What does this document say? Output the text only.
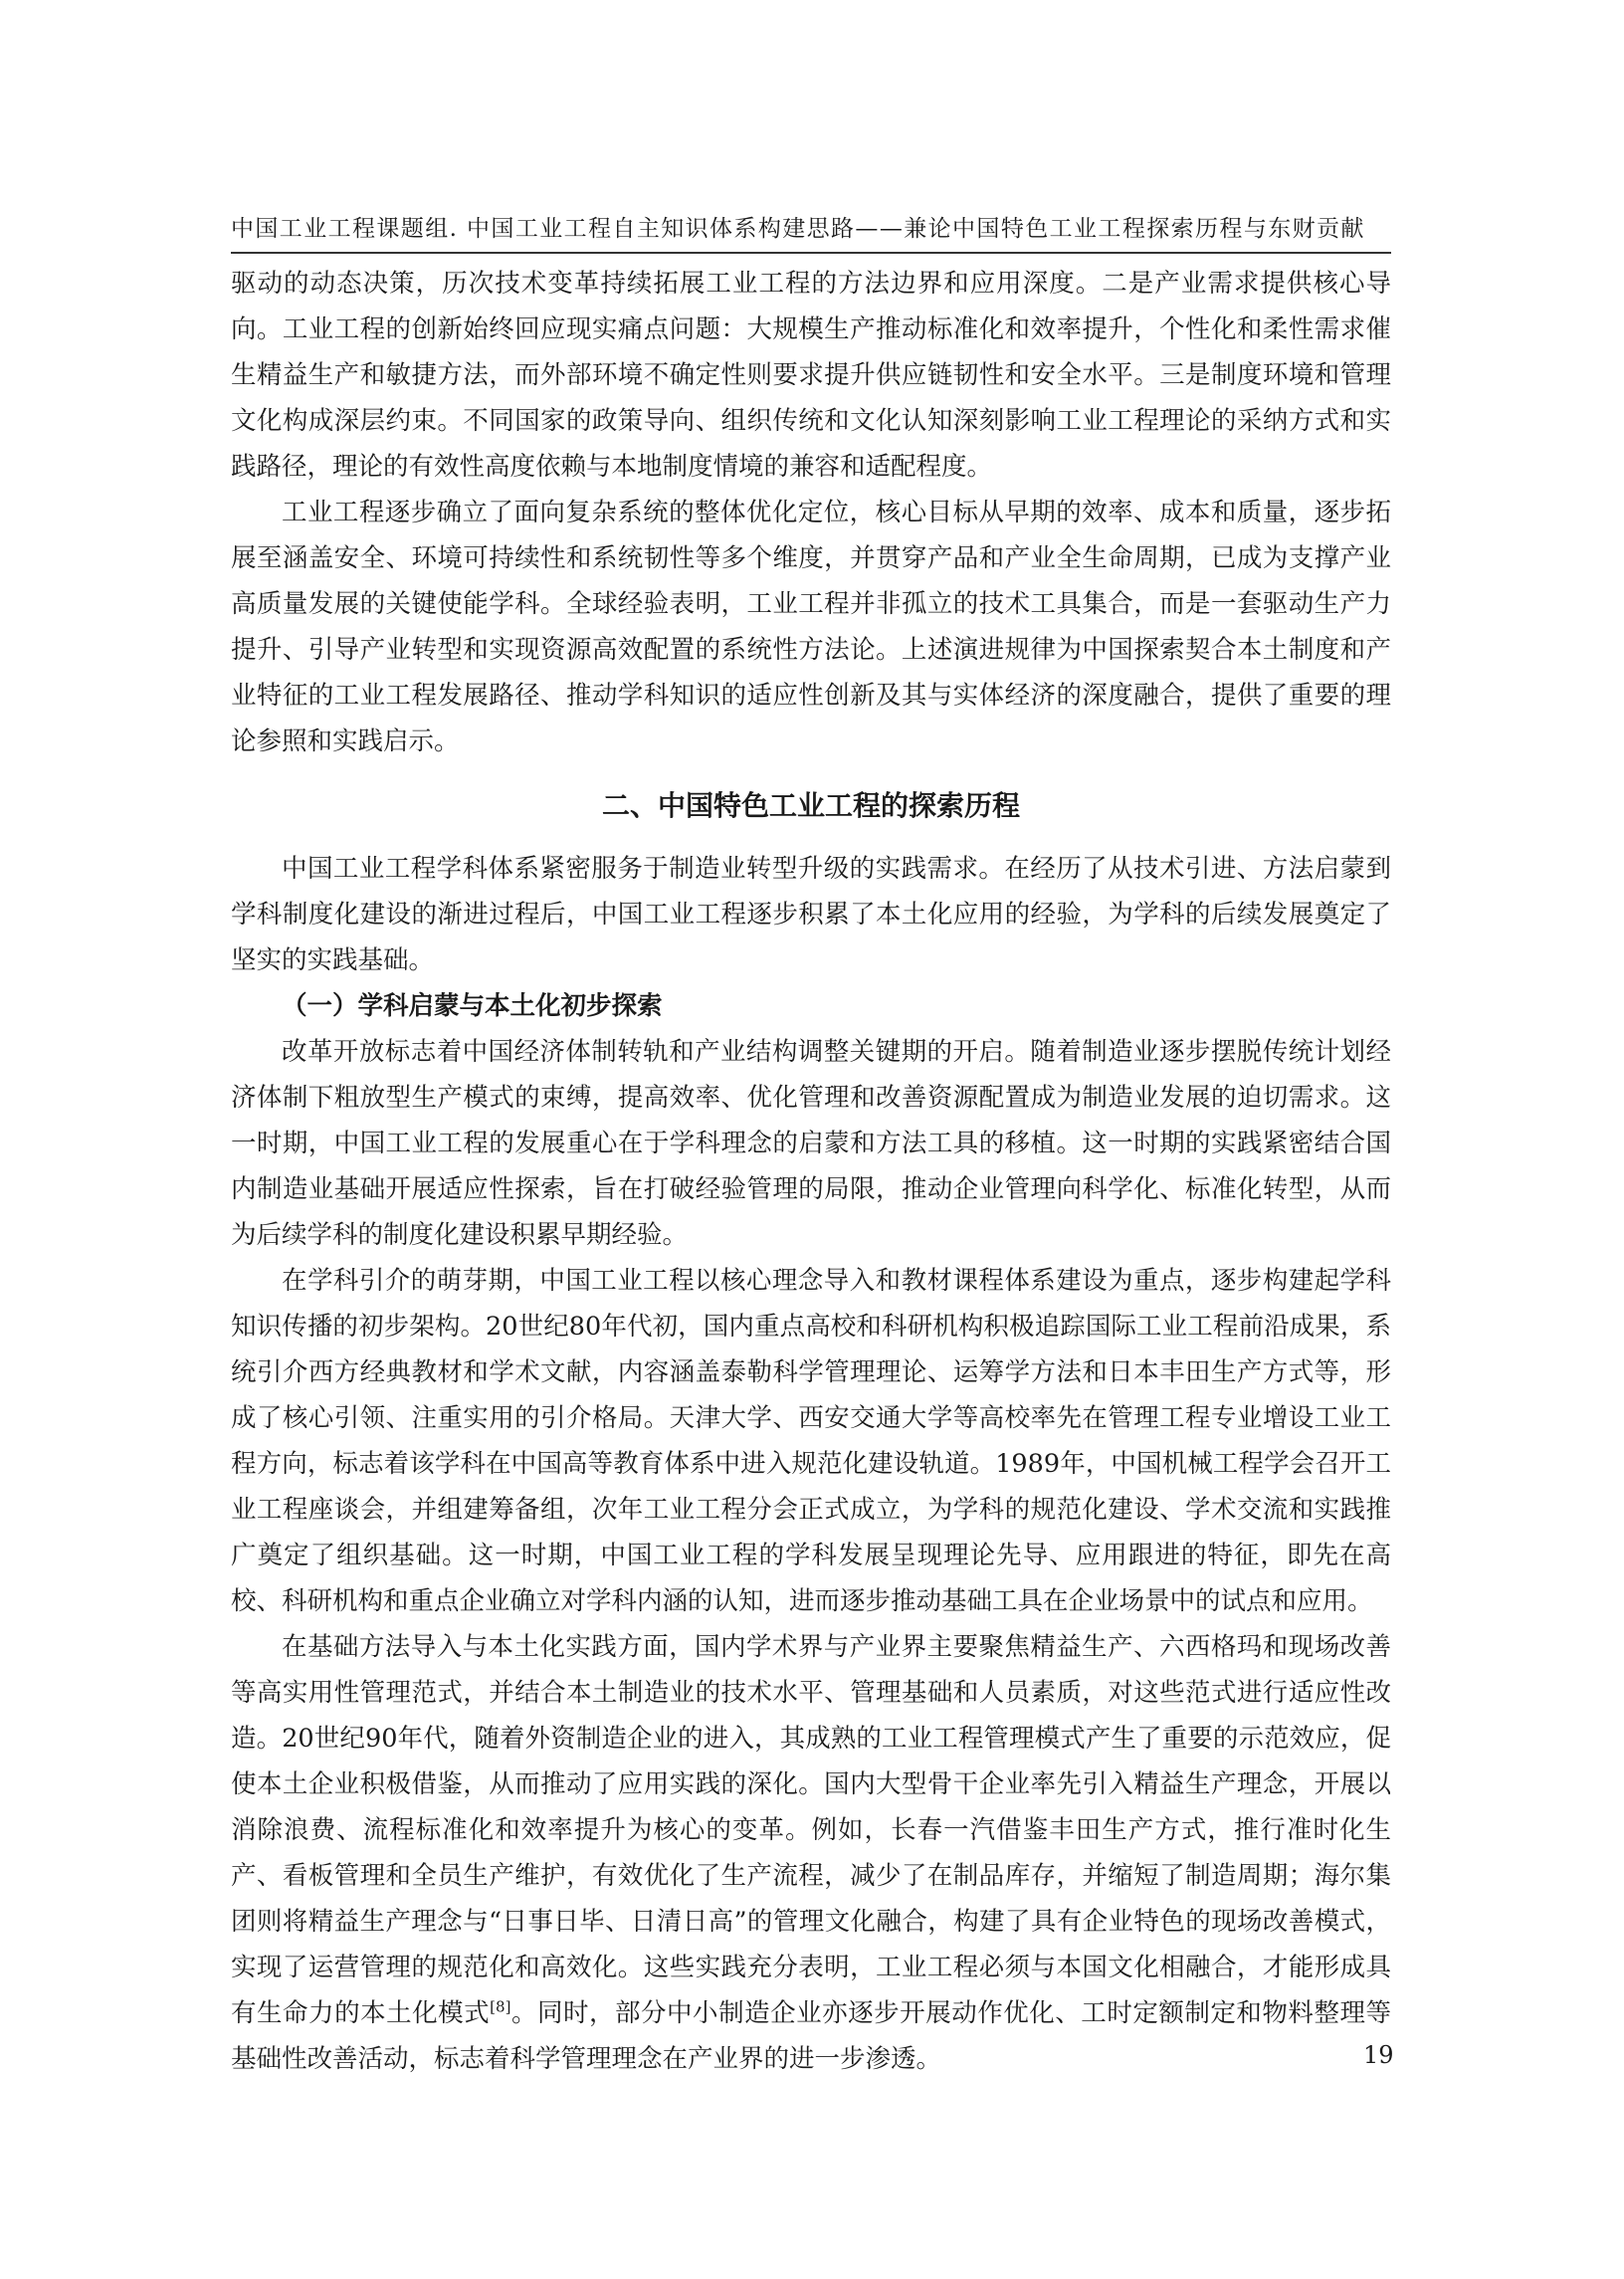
中国工业工程课题组. 中国工业工程自主知识体系构建思路——兼论中国特色工业工程探索历程与东财贡献

驱动的动态决策，历次技术变革持续拓展工业工程的方法边界和应用深度。二是产业需求提供核心导向。工业工程的创新始终回应现实痛点问题：大规模生产推动标准化和效率提升，个性化和柔性需求催生精益生产和敏捷方法，而外部环境不确定性则要求提升供应链韧性和安全水平。三是制度环境和管理文化构成深层约束。不同国家的政策导向、组织传统和文化认知深刻影响工业工程理论的采纳方式和实践路径，理论的有效性高度依赖与本地制度情境的兼容和适配程度。

工业工程逐步确立了面向复杂系统的整体优化定位，核心目标从早期的效率、成本和质量，逐步拓展至涵盖安全、环境可持续性和系统韧性等多个维度，并贯穿产品和产业全生命周期，已成为支撑产业高质量发展的关键使能学科。全球经验表明，工业工程并非孤立的技术工具集合，而是一套驱动生产力提升、引导产业转型和实现资源高效配置的系统性方法论。上述演进规律为中国探索契合本土制度和产业特征的工业工程发展路径、推动学科知识的适应性创新及其与实体经济的深度融合，提供了重要的理论参照和实践启示。

二、中国特色工业工程的探索历程

中国工业工程学科体系紧密服务于制造业转型升级的实践需求。在经历了从技术引进、方法启蒙到学科制度化建设的渐进过程后，中国工业工程逐步积累了本土化应用的经验，为学科的后续发展奠定了坚实的实践基础。

（一）学科启蒙与本土化初步探索

改革开放标志着中国经济体制转轨和产业结构调整关键期的开启。随着制造业逐步摆脱传统计划经济体制下粗放型生产模式的束缚，提高效率、优化管理和改善资源配置成为制造业发展的迫切需求。这一时期，中国工业工程的发展重心在于学科理念的启蒙和方法工具的移植。这一时期的实践紧密结合国内制造业基础开展适应性探索，旨在打破经验管理的局限，推动企业管理向科学化、标准化转型，从而为后续学科的制度化建设积累早期经验。

在学科引介的萌芽期，中国工业工程以核心理念导入和教材课程体系建设为重点，逐步构建起学科知识传播的初步架构。20世纪80年代初，国内重点高校和科研机构积极追踪国际工业工程前沿成果，系统引介西方经典教材和学术文献，内容涵盖泰勒科学管理理论、运筹学方法和日本丰田生产方式等，形成了核心引领、注重实用的引介格局。天津大学、西安交通大学等高校率先在管理工程专业增设工业工程方向，标志着该学科在中国高等教育体系中进入规范化建设轨道。1989年，中国机械工程学会召开工业工程座谈会，并组建筹备组，次年工业工程分会正式成立，为学科的规范化建设、学术交流和实践推广奠定了组织基础。这一时期，中国工业工程的学科发展呈现理论先导、应用跟进的特征，即先在高校、科研机构和重点企业确立对学科内涵的认知，进而逐步推动基础工具在企业场景中的试点和应用。

在基础方法导入与本土化实践方面，国内学术界与产业界主要聚焦精益生产、六西格玛和现场改善等高实用性管理范式，并结合本土制造业的技术水平、管理基础和人员素质，对这些范式进行适应性改造。20世纪90年代，随着外资制造企业的进入，其成熟的工业工程管理模式产生了重要的示范效应，促使本土企业积极借鉴，从而推动了应用实践的深化。国内大型骨干企业率先引入精益生产理念，开展以消除浪费、流程标准化和效率提升为核心的变革。例如，长春一汽借鉴丰田生产方式，推行准时化生产、看板管理和全员生产维护，有效优化了生产流程，减少了在制品库存，并缩短了制造周期；海尔集团则将精益生产理念与“日事日毕、日清日高”的管理文化融合，构建了具有企业特色的现场改善模式，实现了运营管理的规范化和高效化。这些实践充分表明，工业工程必须与本国文化相融合，才能形成具有生命力的本土化模式[8]。同时，部分中小制造企业亦逐步开展动作优化、工时定额制定和物料整理等基础性改善活动，标志着科学管理理念在产业界的进一步渗透。	19
